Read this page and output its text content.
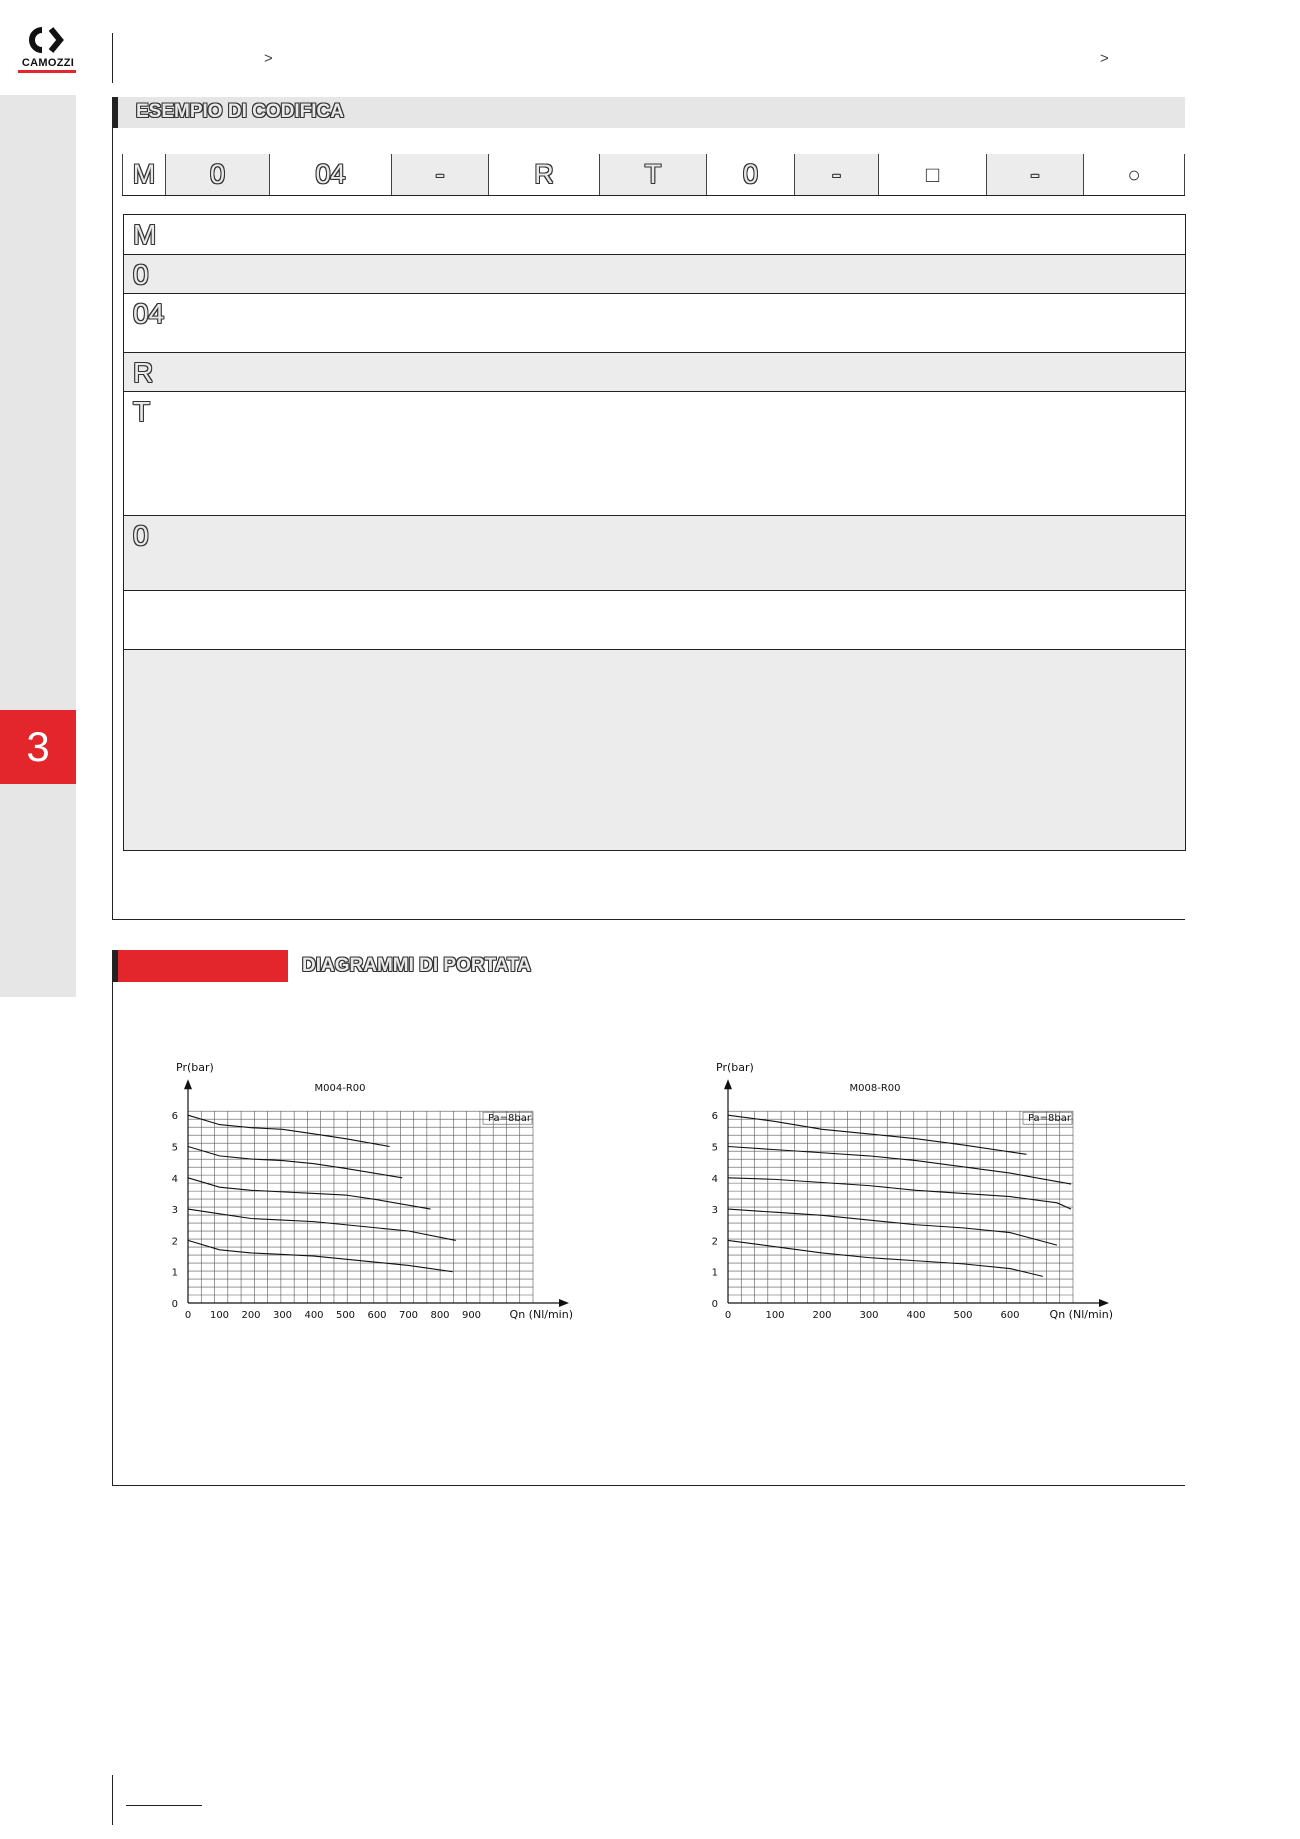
3
CAMOZZI	>	>
ESEMPIO DI CODIFICA
M	0	04	-	R	T	0	-	□	-	○
M
0
04
R
T
0
DIAGRAMMI DI PORTATA
Pr(bar)
M004-R00
Pa=8bar
0
1
2
3
4
5
6
0 100 200 300 400 500 600 700 800 900	Qn (Nl/min)
Pr(bar)
M008-R00
Pa=8bar
0
1
2
3
4
5
6
0	100	200	300	400	500	600	Qn (Nl/min)
